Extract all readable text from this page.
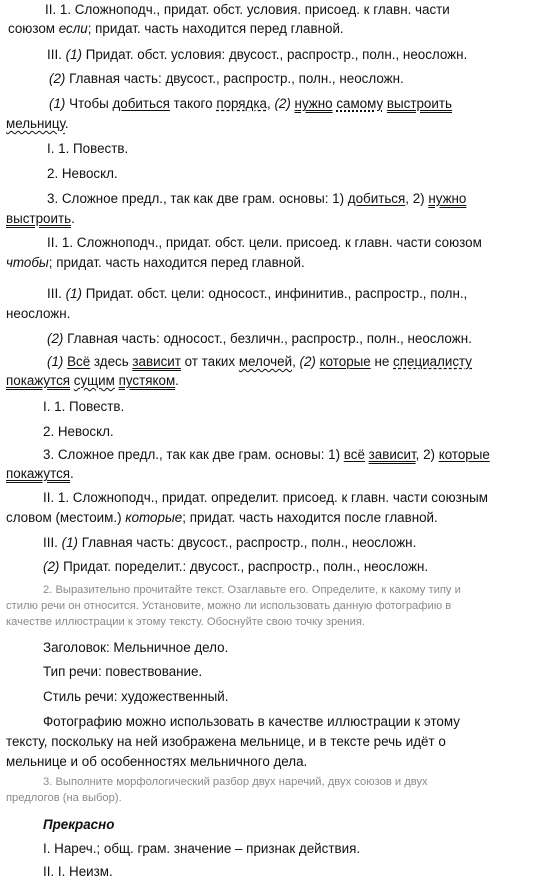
II. 1. Сложноподч., придат. обст. условия. присоед. к главн. части
союзом если; придат. часть находится перед главной.
III. (1) Придат. обст. условия: двусост., распростр., полн., неосложн.
(2) Главная часть: двусост., распростр., полн., неосложн.
(1) Чтобы добиться такого порядка, (2) нужно самому выстроить
мельницу.
I. 1. Повеств.
2. Невоскл.
3. Сложное предл., так как две грам. основы: 1) добиться, 2) нужно
выстроить.
II. 1. Сложноподч., придат. обст. цели. присоед. к главн. части союзом
чтобы; придат. часть находится перед главной.
III. (1) Придат. обст. цели: односост., инфинитив., распростр., полн.,
неосложн.
(2) Главная часть: односост., безличн., распростр., полн., неосложн.
(1) Всё здесь зависит от таких мелочей, (2) которые не специалисту
покажутся сущим пустяком.
I. 1. Повеств.
2. Невоскл.
3. Сложное предл., так как две грам. основы: 1) всё зависит, 2) которые
покажутся.
II. 1. Сложноподч., придат. определит. присоед. к главн. части союзным
словом (местоим.) которые; придат. часть находится после главной.
III. (1) Главная часть: двусост., распростр., полн., неосложн.
(2) Придат. поределит.: двусост., распростр., полн., неосложн.
2. Выразительно прочитайте текст. Озаглавьте его. Определите, к какому типу и
стилю речи он относится. Установите, можно ли использовать данную фотографию в
качестве иллюстрации к этому тексту. Обоснуйте свою точку зрения.
Заголовок: Мельничное дело.
Тип речи: повествование.
Стиль речи: художественный.
Фотографию можно использовать в качестве иллюстрации к этому
тексту, поскольку на ней изображена мельнице, и в тексте речь идёт о
мельнице и об особенностях мельничного дела.
3. Выполните морфологический разбор двух наречий, двух союзов и двух
предлогов (на выбор).
Прекрасно
I. Нареч.; общ. грам. значение – признак действия.
II. I. Неизм.
